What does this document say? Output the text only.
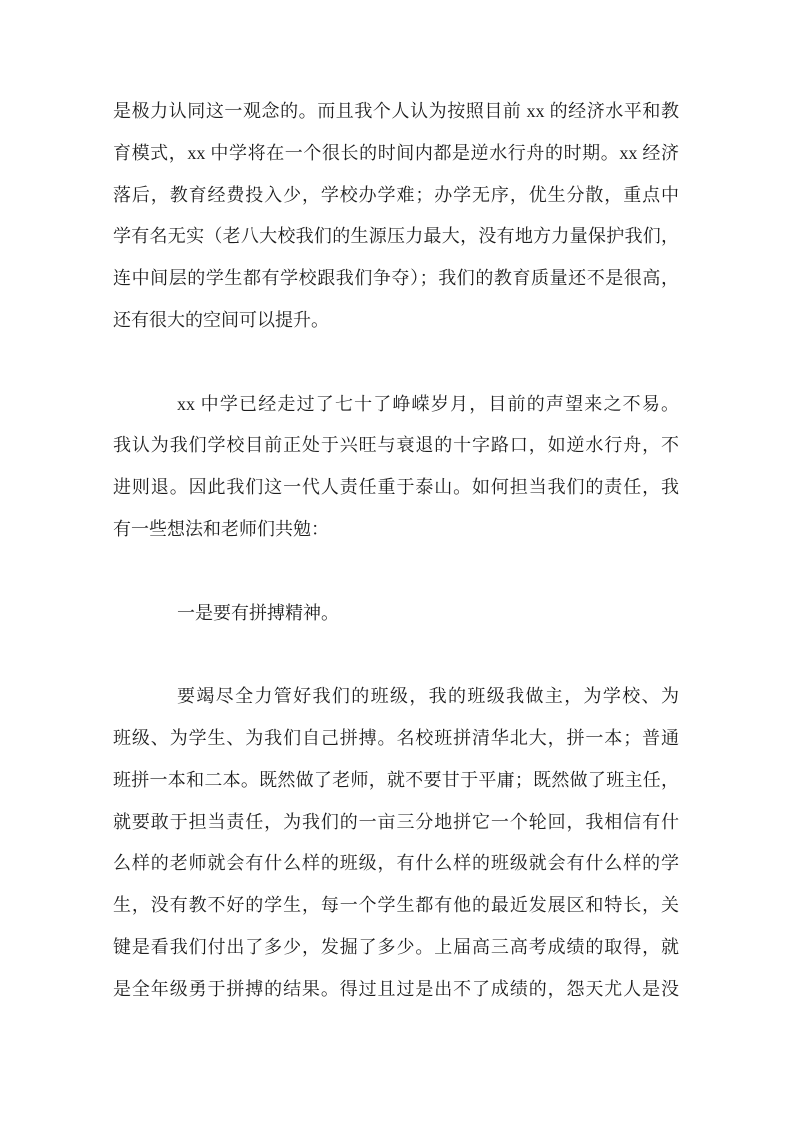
是极力认同这一观念的。而且我个人认为按照目前 xx 的经济水平和教
育模式，xx 中学将在一个很长的时间内都是逆水行舟的时期。xx 经济
落后，教育经费投入少，学校办学难；办学无序，优生分散，重点中
学有名无实（老八大校我们的生源压力最大，没有地方力量保护我们，
连中间层的学生都有学校跟我们争夺）；我们的教育质量还不是很高，
还有很大的空间可以提升。

xx 中学已经走过了七十了峥嵘岁月，目前的声望来之不易。
我认为我们学校目前正处于兴旺与衰退的十字路口，如逆水行舟，不
进则退。因此我们这一代人责任重于泰山。如何担当我们的责任，我
有一些想法和老师们共勉：

一是要有拼搏精神。

要竭尽全力管好我们的班级，我的班级我做主，为学校、为
班级、为学生、为我们自己拼搏。名校班拼清华北大，拼一本；普通
班拼一本和二本。既然做了老师，就不要甘于平庸；既然做了班主任，
就要敢于担当责任，为我们的一亩三分地拼它一个轮回，我相信有什
么样的老师就会有什么样的班级，有什么样的班级就会有什么样的学
生，没有教不好的学生，每一个学生都有他的最近发展区和特长，关
键是看我们付出了多少，发掘了多少。上届高三高考成绩的取得，就
是全年级勇于拼搏的结果。得过且过是出不了成绩的，怨天尤人是没
